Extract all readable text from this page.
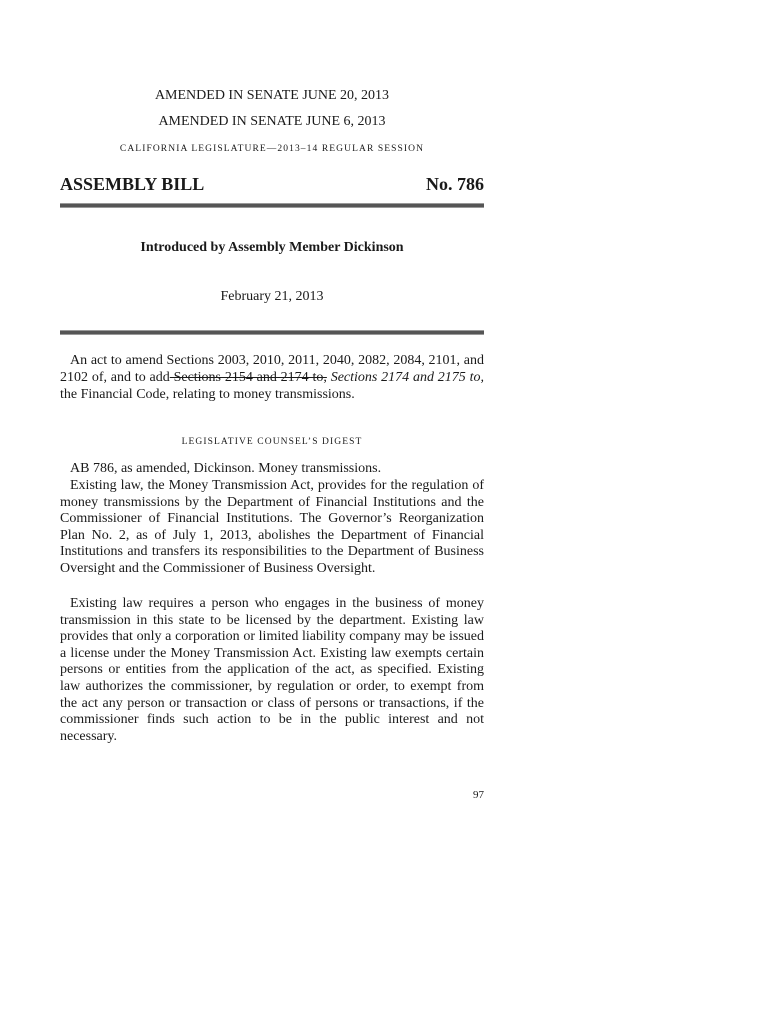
AMENDED IN SENATE JUNE 20, 2013
AMENDED IN SENATE JUNE 6, 2013
CALIFORNIA LEGISLATURE—2013–14 REGULAR SESSION
ASSEMBLY BILL	No. 786
Introduced by Assembly Member Dickinson
February 21, 2013

An act to amend Sections 2003, 2010, 2011, 2040, 2082, 2084, 2101, and 2102 of, and to add Sections 2154 and 2174 to, Sections 2174 and 2175 to, the Financial Code, relating to money transmissions.

LEGISLATIVE COUNSEL’S DIGEST

AB 786, as amended, Dickinson. Money transmissions.

Existing law, the Money Transmission Act, provides for the regulation of money transmissions by the Department of Financial Institutions and the Commissioner of Financial Institutions. The Governor’s Reorganization Plan No. 2, as of July 1, 2013, abolishes the Department of Financial Institutions and transfers its responsibilities to the Department of Business Oversight and the Commissioner of Business Oversight.

Existing law requires a person who engages in the business of money transmission in this state to be licensed by the department. Existing law provides that only a corporation or limited liability company may be issued a license under the Money Transmission Act. Existing law exempts certain persons or entities from the application of the act, as specified. Existing law authorizes the commissioner, by regulation or order, to exempt from the act any person or transaction or class of persons or transactions, if the commissioner finds such action to be in the public interest and not necessary.

97
